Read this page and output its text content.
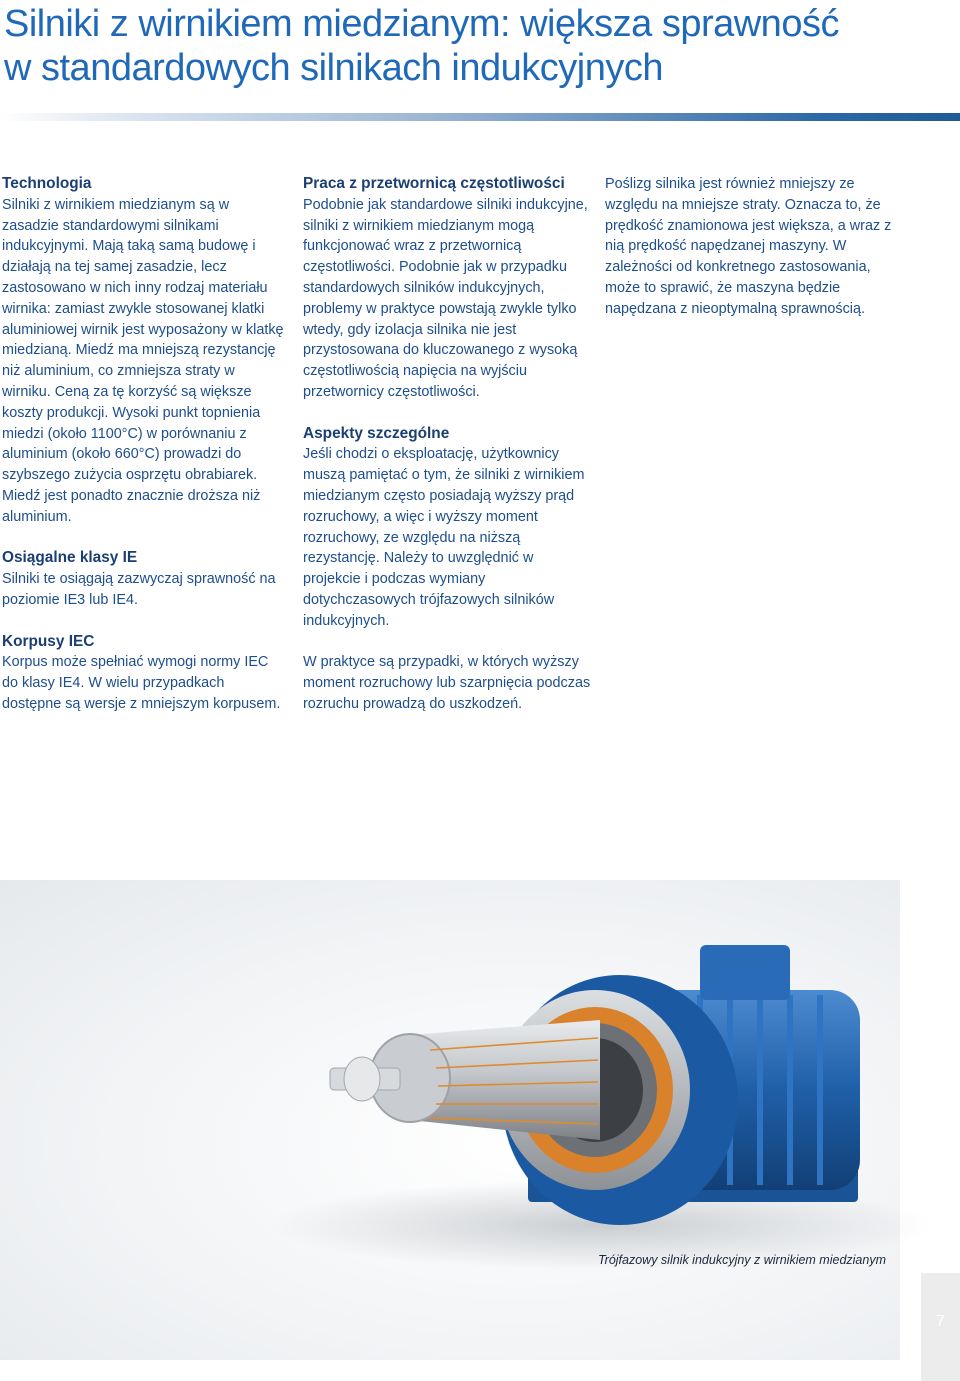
Silniki z wirnikiem miedzianym: większa sprawność
w standardowych silnikach indukcyjnych
Technologia

Silniki z wirnikiem miedzianym są w zasadzie standardowymi silnikami indukcyjnymi. Mają taką samą budowę i działają na tej samej zasadzie, lecz zastosowano w nich inny rodzaj materiału wirnika: zamiast zwykle stosowanej klatki aluminiowej wirnik jest wyposażony w klatkę miedzianą. Miedź ma mniejszą rezystancję niż aluminium, co zmniejsza straty w wirniku. Ceną za tę korzyść są większe koszty produkcji. Wysoki punkt topnienia miedzi (około 1100°C) w porównaniu z aluminium (około 660°C) prowadzi do szybszego zużycia osprzętu obrabiarek. Miedź jest ponadto znacznie droższa niż aluminium.

Osiągalne klasy IE

Silniki te osiągają zazwyczaj sprawność na poziomie IE3 lub IE4.

Korpusy IEC

Korpus może spełniać wymogi normy IEC do klasy IE4. W wielu przypadkach dostępne są wersje z mniejszym korpusem.

Praca z przetwornicą częstotliwości

Podobnie jak standardowe silniki indukcyjne, silniki z wirnikiem miedzianym mogą funkcjonować wraz z przetwornicą częstotliwości. Podobnie jak w przypadku standardowych silników indukcyjnych, problemy w praktyce powstają zwykle tylko wtedy, gdy izolacja silnika nie jest przystosowana do kluczowanego z wysoką częstotliwością napięcia na wyjściu przetwornicy częstotliwości.

Aspekty szczególne

Jeśli chodzi o eksploatację, użytkownicy muszą pamiętać o tym, że silniki z wirnikiem miedzianym często posiadają wyższy prąd rozruchowy, a więc i wyższy moment rozruchowy, ze względu na niższą rezystancję. Należy to uwzględnić w projekcie i podczas wymiany dotychczasowych trójfazowych silników indukcyjnych.

W praktyce są przypadki, w których wyższy moment rozruchowy lub szarpnięcia podczas rozruchu prowadzą do uszkodzeń.

Poślizg silnika jest również mniejszy ze względu na mniejsze straty. Oznacza to, że prędkość znamionowa jest większa, a wraz z nią prędkość napędzanej maszyny. W zależności od konkretnego zastosowania, może to sprawić, że maszyna będzie napędzana z nieoptymalną sprawnością.

Trójfazowy silnik indukcyjny z wirnikiem miedzianym
7
